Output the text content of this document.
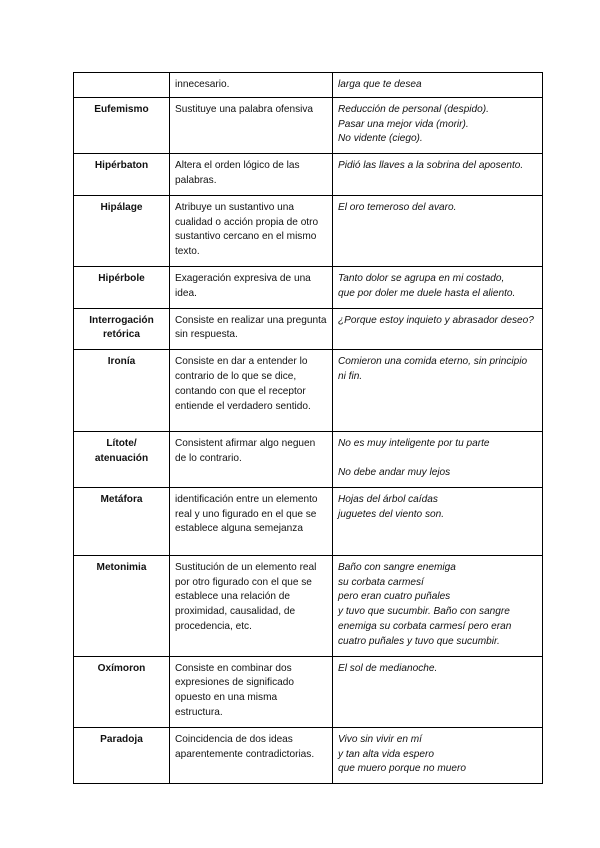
	innecesario.	larga que te desea

Eufemismo	Sustituye una palabra ofensiva	Reducción de personal (despido).
Pasar una mejor vida (morir).
No vidente (ciego).

Hipérbaton	Altera el orden lógico de las palabras.	Pidió las llaves a la sobrina del aposento.

Hipálage	Atribuye un sustantivo una cualidad o acción propia de otro sustantivo cercano en el mismo texto.	El oro temeroso del avaro.

Hipérbole	Exageración expresiva de una idea.	Tanto dolor se agrupa en mi costado,
que por doler me duele hasta el aliento.

Interrogación retórica	Consiste en realizar una pregunta sin respuesta.	¿Porque estoy inquieto y abrasador deseo?

Ironía	Consiste en dar a entender lo contrario de lo que se dice, contando con que el receptor entiende el verdadero sentido.	Comieron una comida eterno, sin principio ni fin.

Lítote/ atenuación	Consistent afirmar algo neguen de lo contrario.	No es muy inteligente por tu parte
No debe andar muy lejos

Metáfora	identificación entre un elemento real y uno figurado en el que se establece alguna semejanza	Hojas del árbol caídas
juguetes del viento son.

Metonimia	Sustitución de un elemento real por otro figurado con el que se establece una relación de proximidad, causalidad, de procedencia, etc.	Baño con sangre enemiga
su corbata carmesí
pero eran cuatro puñales
y tuvo que sucumbir. Baño con sangre enemiga su corbata carmesí pero eran cuatro puñales y tuvo que sucumbir.

Oxímoron	Consiste en combinar dos expresiones de significado opuesto en una misma estructura.	El sol de medianoche.

Paradoja	Coincidencia de dos ideas aparentemente contradictorias.	Vivo sin vivir en mí
y tan alta vida espero
que muero porque no muero
